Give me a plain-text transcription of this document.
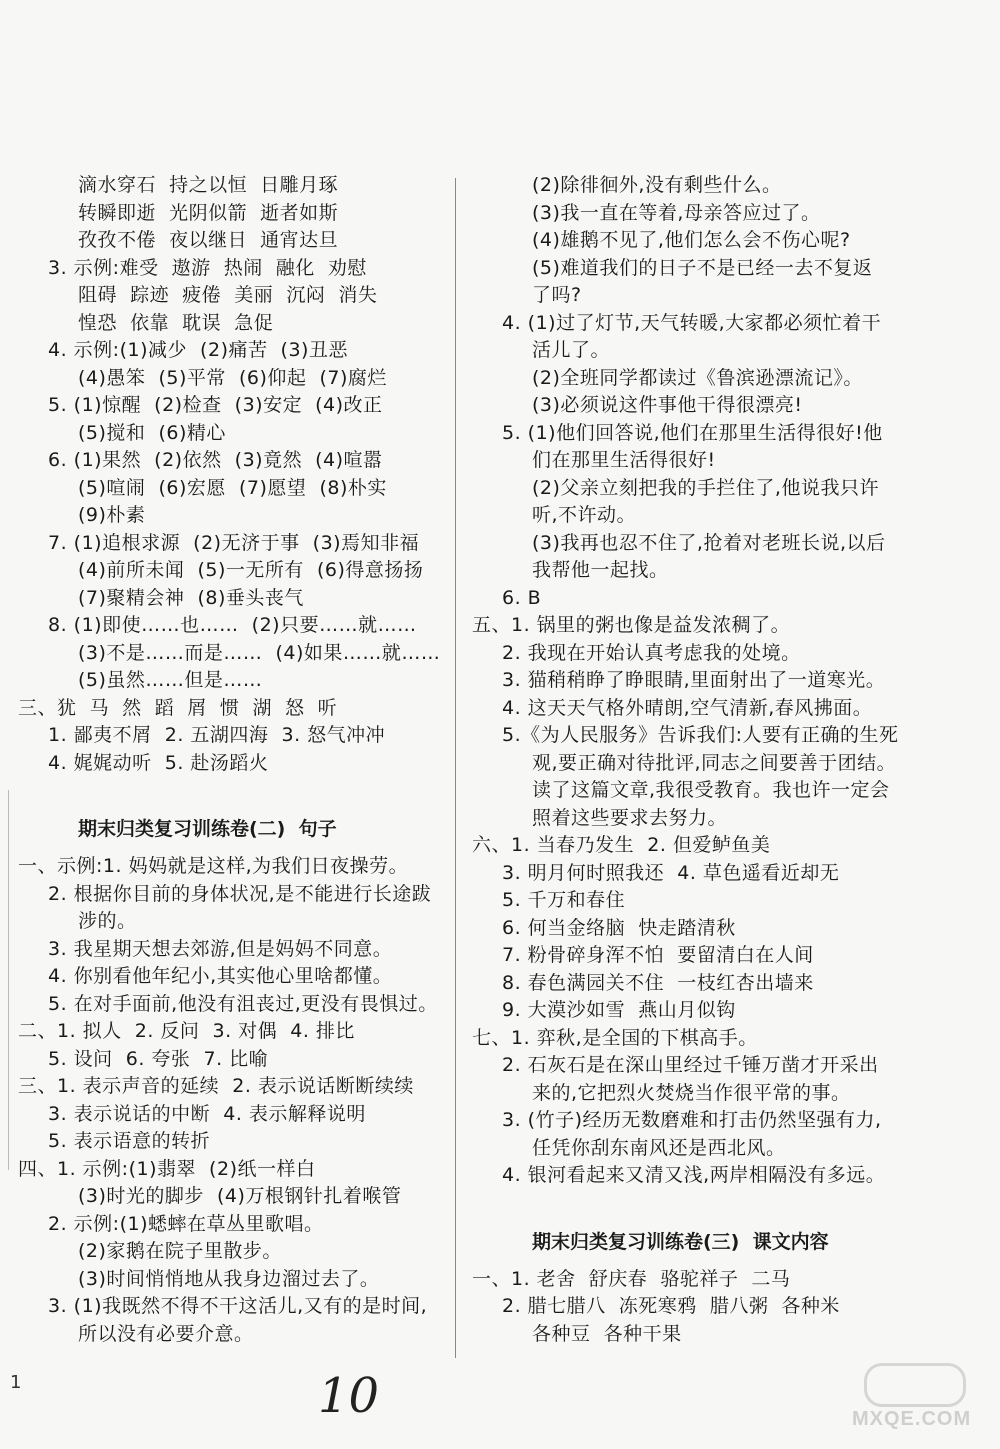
滴水穿石  持之以恒  日雕月琢
转瞬即逝  光阴似箭  逝者如斯
孜孜不倦  夜以继日  通宵达旦
3. 示例:难受  遨游  热闹  融化  劝慰
阻碍  踪迹  疲倦  美丽  沉闷  消失
惶恐  依靠  耽误  急促
4. 示例:(1)减少  (2)痛苦  (3)丑恶
(4)愚笨  (5)平常  (6)仰起  (7)腐烂
5. (1)惊醒  (2)检查  (3)安定  (4)改正
(5)搅和  (6)精心
6. (1)果然  (2)依然  (3)竟然  (4)喧嚣
(5)喧闹  (6)宏愿  (7)愿望  (8)朴实
(9)朴素
7. (1)追根求源  (2)无济于事  (3)焉知非福
(4)前所未闻  (5)一无所有  (6)得意扬扬
(7)聚精会神  (8)垂头丧气
8. (1)即使……也……  (2)只要……就……
(3)不是……而是……  (4)如果……就……
(5)虽然……但是……
三、犹  马  然  蹈  屑  惯  湖  怒  听
1. 鄙夷不屑  2. 五湖四海  3. 怒气冲冲
4. 娓娓动听  5. 赴汤蹈火
期末归类复习训练卷(二)  句子
一、示例:1. 妈妈就是这样,为我们日夜操劳。
2. 根据你目前的身体状况,是不能进行长途跋
涉的。
3. 我星期天想去郊游,但是妈妈不同意。
4. 你别看他年纪小,其实他心里啥都懂。
5. 在对手面前,他没有沮丧过,更没有畏惧过。
二、1. 拟人  2. 反问  3. 对偶  4. 排比
5. 设问  6. 夸张  7. 比喻
三、1. 表示声音的延续  2. 表示说话断断续续
3. 表示说话的中断  4. 表示解释说明
5. 表示语意的转折
四、1. 示例:(1)翡翠  (2)纸一样白
(3)时光的脚步  (4)万根钢针扎着喉管
2. 示例:(1)蟋蟀在草丛里歌唱。
(2)家鹅在院子里散步。
(3)时间悄悄地从我身边溜过去了。
3. (1)我既然不得不干这活儿,又有的是时间,
所以没有必要介意。
(2)除徘徊外,没有剩些什么。
(3)我一直在等着,母亲答应过了。
(4)雄鹅不见了,他们怎么会不伤心呢?
(5)难道我们的日子不是已经一去不复返
了吗?
4. (1)过了灯节,天气转暖,大家都必须忙着干
活儿了。
(2)全班同学都读过《鲁滨逊漂流记》。
(3)必须说这件事他干得很漂亮!
5. (1)他们回答说,他们在那里生活得很好!他
们在那里生活得很好!
(2)父亲立刻把我的手拦住了,他说我只许
听,不许动。
(3)我再也忍不住了,抢着对老班长说,以后
我帮他一起找。
6. B
五、1. 锅里的粥也像是益发浓稠了。
2. 我现在开始认真考虑我的处境。
3. 猫稍稍睁了睁眼睛,里面射出了一道寒光。
4. 这天天气格外晴朗,空气清新,春风拂面。
5.《为人民服务》告诉我们:人要有正确的生死
观,要正确对待批评,同志之间要善于团结。
读了这篇文章,我很受教育。我也许一定会
照着这些要求去努力。
六、1. 当春乃发生  2. 但爱鲈鱼美
3. 明月何时照我还  4. 草色遥看近却无
5. 千万和春住
6. 何当金络脑  快走踏清秋
7. 粉骨碎身浑不怕  要留清白在人间
8. 春色满园关不住  一枝红杏出墙来
9. 大漠沙如雪  燕山月似钩
七、1. 弈秋,是全国的下棋高手。
2. 石灰石是在深山里经过千锤万凿才开采出
来的,它把烈火焚烧当作很平常的事。
3. (竹子)经历无数磨难和打击仍然坚强有力,
任凭你刮东南风还是西北风。
4. 银河看起来又清又浅,两岸相隔没有多远。
期末归类复习训练卷(三)  课文内容
一、1. 老舍  舒庆春  骆驼祥子  二马
2. 腊七腊八  冻死寒鸦  腊八粥  各种米
各种豆  各种干果
1	10	MXQE.COM
